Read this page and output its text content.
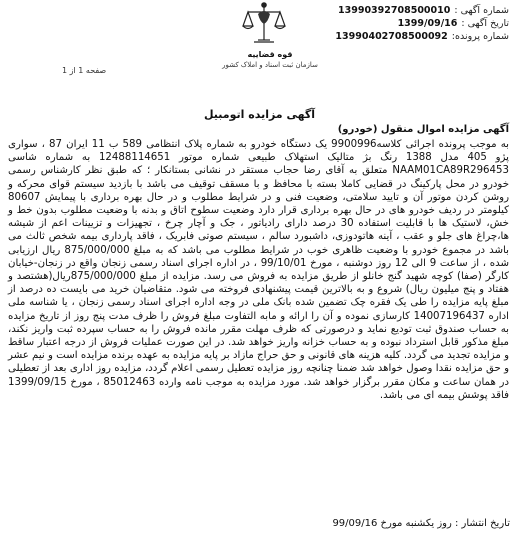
قوه قضاییه
سازمان ثبت اسناد و املاک کشور
شماره آگهی :
13990392708500010
تاریخ آگهی :
1399/09/16
شماره پرونده:
13990402708500092
صفحه 1 از 1
آگهی مزایده اتومبیل
آگهی مزایده اموال منقول (خودرو)
به موجب پرونده اجرائی کلاسه9900996 یک دستگاه خودرو به شماره پلاک انتظامی 589 ب 11 ایران 87 ، سواری پژو 405 مدل 1388 رنگ بژ متالیک استهلاک طبیعی شماره موتور 12488114651 به شماره شاسی NAAM01CA89R296453 متعلق به آقای رضا حجاب مستقر در نشانی بستانکار ؛ که طبق نظر کارشناس رسمی خودرو در محل پارکینگ در قضایی کاملا بسته با محافظ و با مسقف توقیف می باشد با بازدید سیستم قوای محرکه و روشن کردن موتور آن و تایید سلامتی، وضعیت فنی و در شرایط مطلوب و در حال بهره برداری با پیمایش 80607 کیلومتر در ردیف خودرو های در حال بهره برداری قرار دارد وضعیت سطوح اتاق و بدنه با وضعیت مطلوب بدون خط و خش، لاستیک ها با قابلیت استفاده 30 درصد دارای رادیاتور ، جک و آچار چرخ ، تجهیزات و تزیینات اعم از شیشه ها،چراغ های جلو و عقب ، آینه هاتودوزی، داشبورد سالم ، سیستم صوتی فابریک ، فاقد پارداری بیمه شخص ثالث می باشد در مجموع خودرو با وضعیت ظاهری خوب در شرایط مطلوب می باشد که به مبلغ 875/000/000 ریال ارزیابی شده ، از ساعت 9 الی 12 روز دوشنبه ، مورخ 99/10/01 ، در اداره اجرای اسناد رسمی زنجان واقع در زنجان-خیابان کارگر (صفا) کوچه شهید گنج خانلو از طریق مزایده به فروش می رسد. مزایده از مبلغ 875/000/000ریال(هشتصد و هفتاد و پنج میلیون ریال) شروع و به بالاترین قیمت پیشنهادی فروخته می شود. متقاضیان خرید می بایست ده درصد از مبلغ پایه مزایده را طی یک فقره چک تضمین شده بانک ملی در وجه اداره اجرای اسناد رسمی زنجان ، یا شناسه ملی اداره 14007196437 کارسازی نموده و آن را ارائه و مابه التفاوت مبلغ فروش را ظرف مدت پنج روز از تاریخ مزایده به حساب صندوق ثبت تودیع نماید و درصورتی که ظرف مهلت مقرر مانده فروش را به حساب سپرده ثبت واریز نکند، مبلغ مذکور قابل استرداد نبوده و به حساب خزانه واریز خواهد شد. در این صورت عملیات فروش از درجه اعتبار ساقط و مزایده تجدید می گردد. کلیه هزینه های قانونی و حق حراج مازاد بر پایه مزایده به عهده برنده مزایده است و نیم عشر و حق مزایده نقدا وصول خواهد شد ضمنا چنانچه روز مزایده تعطیل رسمی اعلام گردد، مزایده روز اداری بعد از تعطیلی در همان ساعت و مکان مقرر برگزار خواهد شد. مورد مزایده به موجب نامه وارده 85012463 ، مورخ 1399/09/15 فاقد پوشش بیمه ای می باشد.
تاریخ انتشار : روز یکشنبه مورخ 99/09/16
